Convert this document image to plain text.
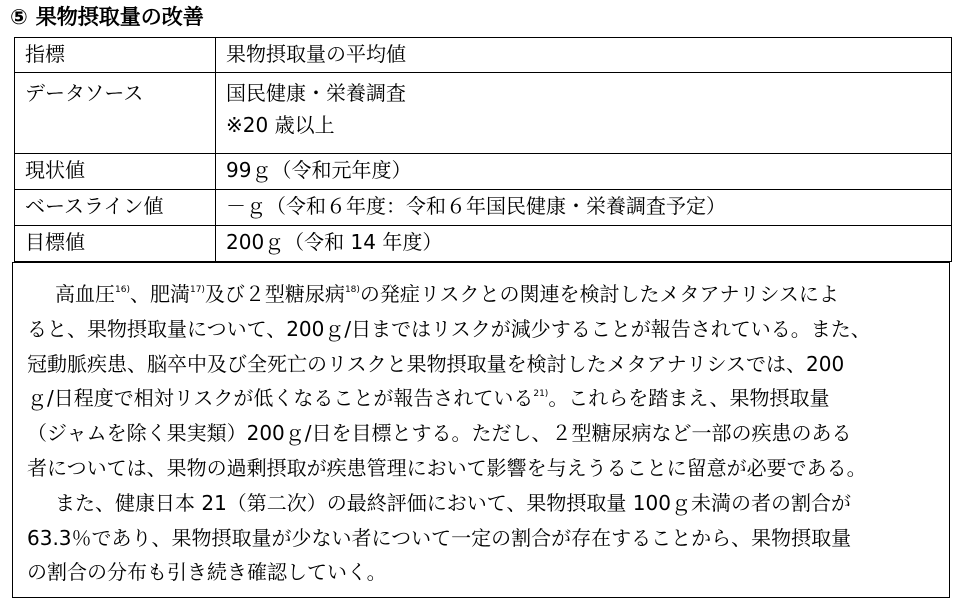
⑤ 果物摂取量の改善
指標	果物摂取量の平均値

データソース	国民健康・栄養調査
※20 歳以上

現状値	99ｇ（令和元年度）

ベースライン値	－ｇ（令和６年度：令和６年国民健康・栄養調査予定）

目標値	200ｇ（令和 14 年度）
高血圧$^{16)}$、肥満$^{17)}$及び２型糖尿病$^{18)}$の発症リスクとの関連を検討したメタアナリシスによ
ると、果物摂取量について、200ｇ/日まではリスクが減少することが報告されている。また、
冠動脈疾患、脳卒中及び全死亡のリスクと果物摂取量を検討したメタアナリシスでは、200
ｇ/日程度で相対リスクが低くなることが報告されている$^{21)}$。これらを踏まえ、果物摂取量
（ジャムを除く果実類）200ｇ/日を目標とする。ただし、２型糖尿病など一部の疾患のある
者については、果物の過剰摂取が疾患管理において影響を与えうることに留意が必要である。
また、健康日本 21（第二次）の最終評価において、果物摂取量 100ｇ未満の者の割合が
63.3％であり、果物摂取量が少ない者について一定の割合が存在することから、果物摂取量
の割合の分布も引き続き確認していく。
